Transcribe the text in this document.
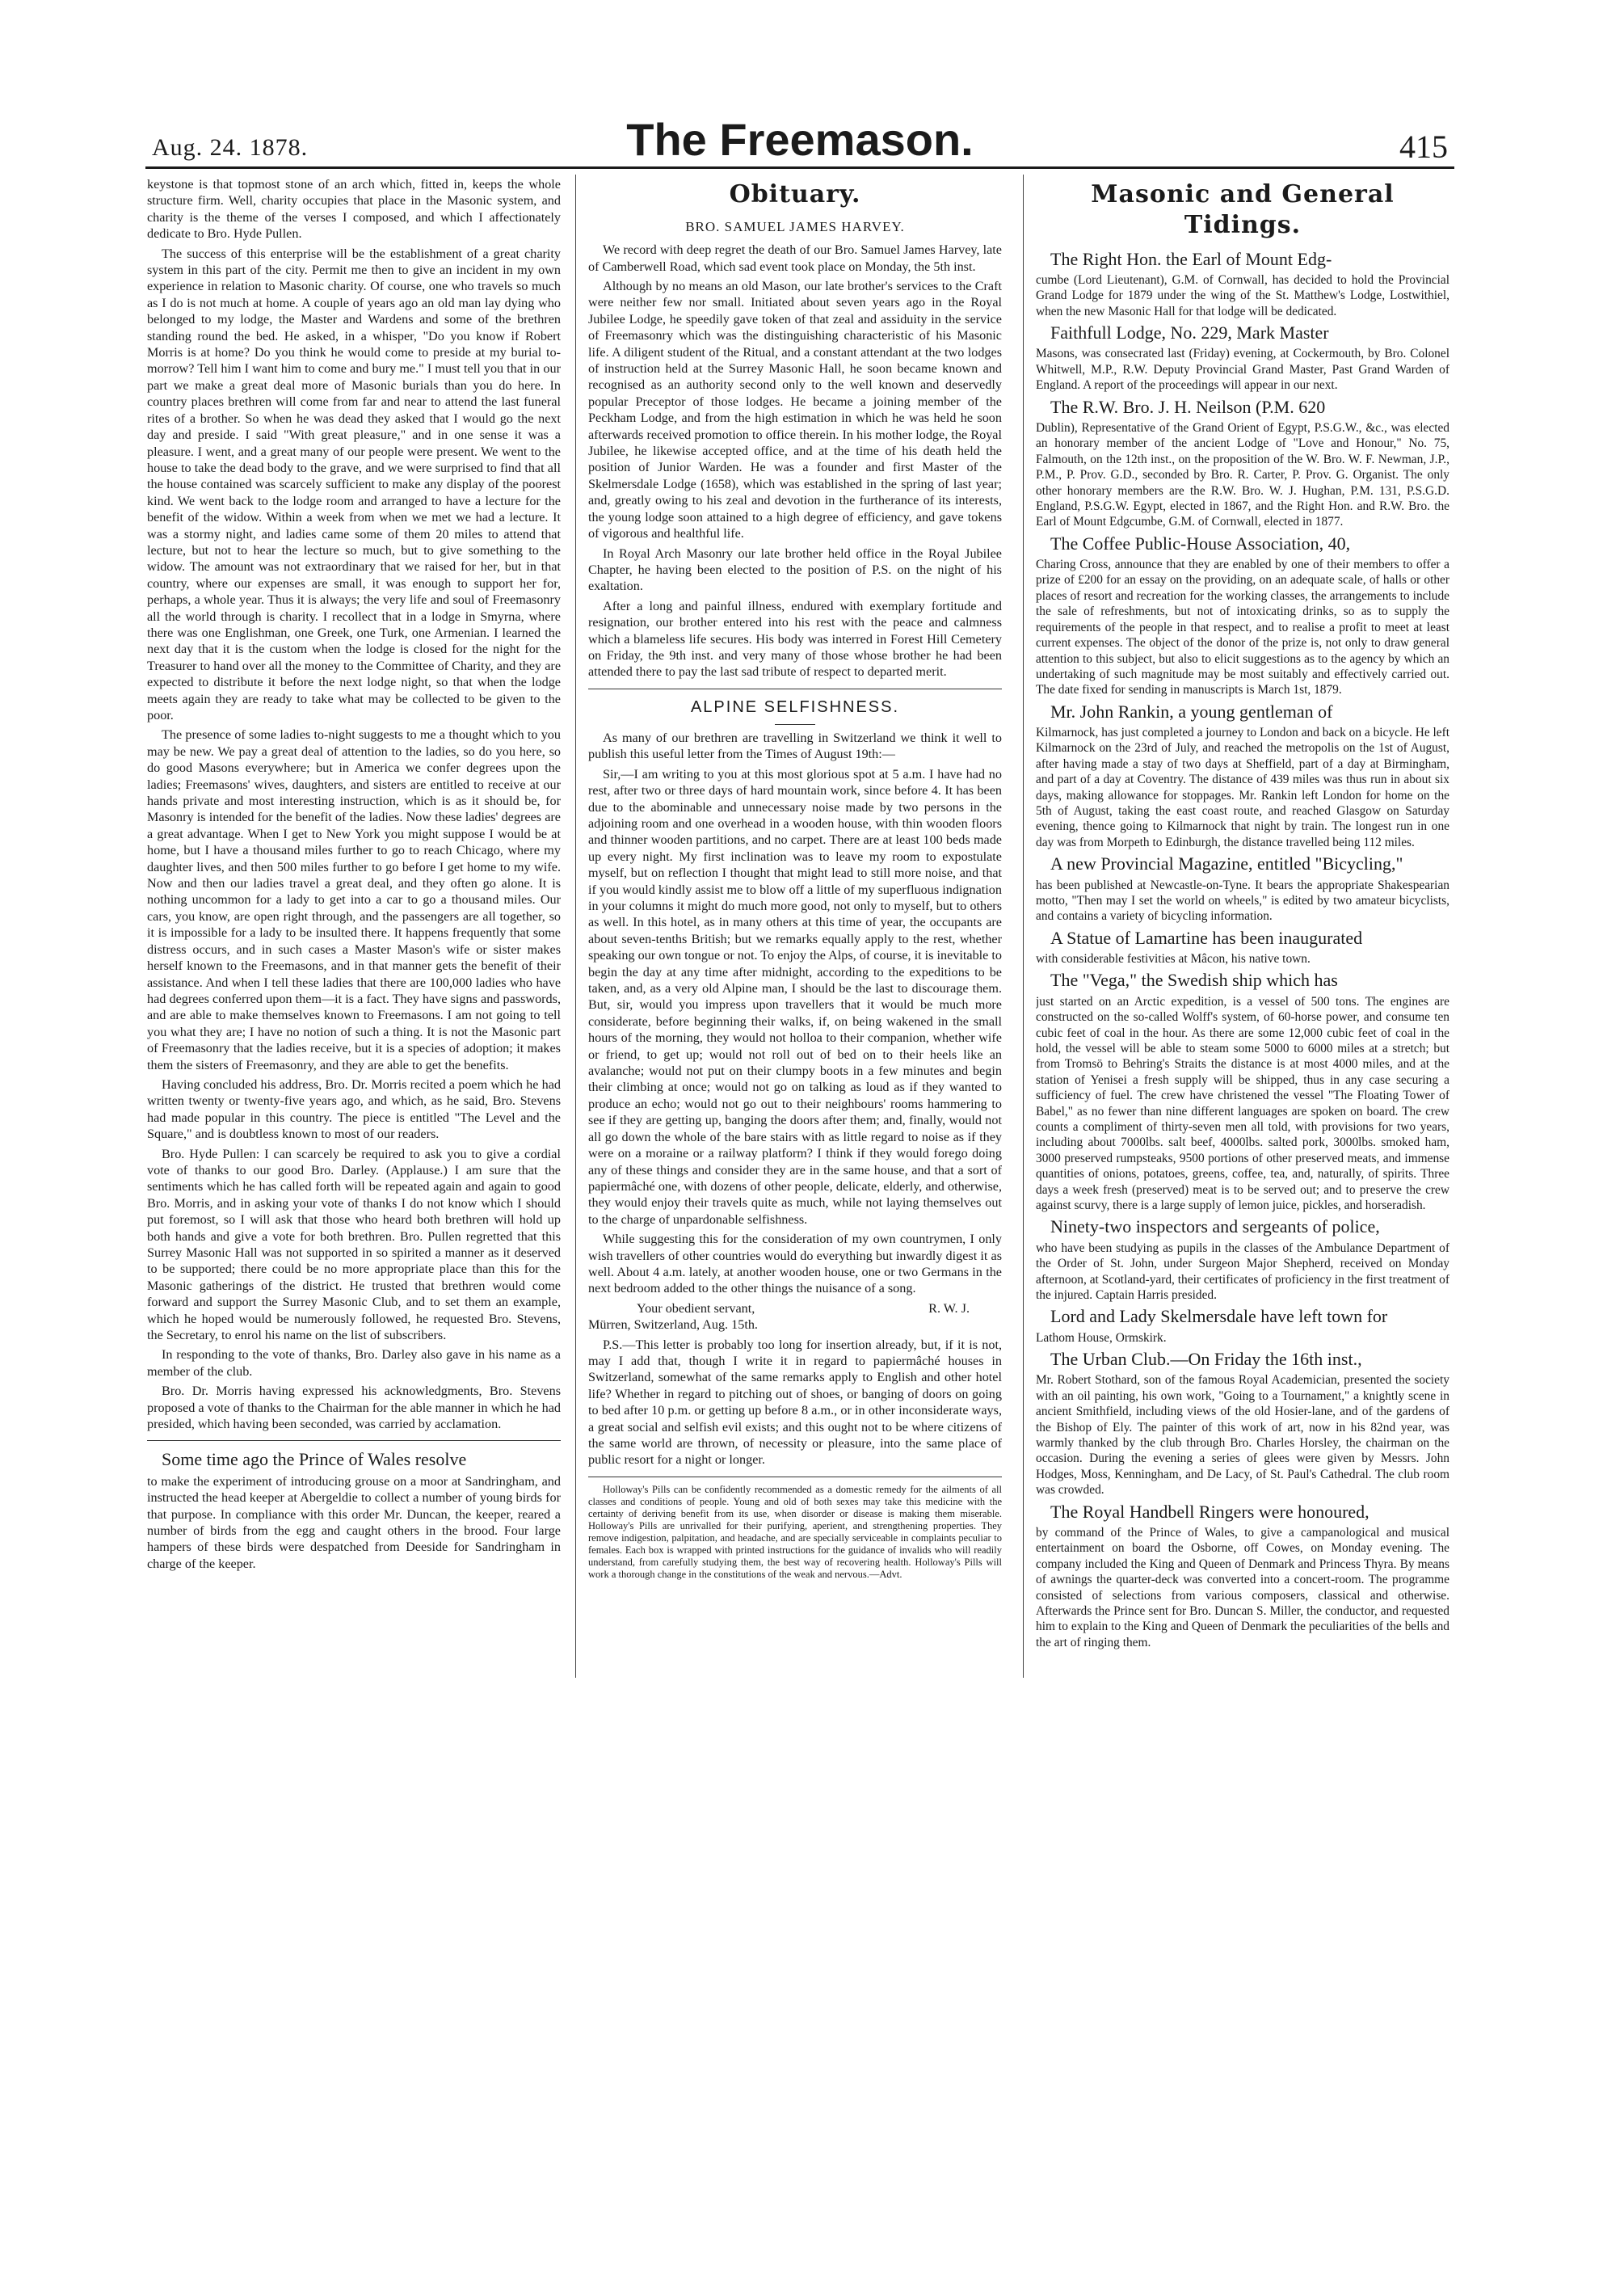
Aug. 24. 1878.	The Freemason.	415

keystone is that topmost stone of an arch which, fitted in, keeps the whole structure firm. Well, charity occupies that place in the Masonic system, and charity is the theme of the verses I composed, and which I affectionately dedicate to Bro. Hyde Pullen.

The success of this enterprise will be the establishment of a great charity system in this part of the city. Permit me then to give an incident in my own experience in relation to Masonic charity. Of course, one who travels so much as I do is not much at home. A couple of years ago an old man lay dying who belonged to my lodge, the Master and Wardens and some of the brethren standing round the bed. He asked, in a whisper, "Do you know if Robert Morris is at home? Do you think he would come to preside at my burial to-morrow? Tell him I want him to come and bury me." I must tell you that in our part we make a great deal more of Masonic burials than you do here. In country places brethren will come from far and near to attend the last funeral rites of a brother. So when he was dead they asked that I would go the next day and preside. I said "With great pleasure," and in one sense it was a pleasure. I went, and a great many of our people were present. We went to the house to take the dead body to the grave, and we were surprised to find that all the house contained was scarcely sufficient to make any display of the poorest kind. We went back to the lodge room and arranged to have a lecture for the benefit of the widow. Within a week from when we met we had a lecture. It was a stormy night, and ladies came some of them 20 miles to attend that lecture, but not to hear the lecture so much, but to give something to the widow. The amount was not extraordinary that we raised for her, but in that country, where our expenses are small, it was enough to support her for, perhaps, a whole year. Thus it is always; the very life and soul of Freemasonry all the world through is charity. I recollect that in a lodge in Smyrna, where there was one Englishman, one Greek, one Turk, one Armenian. I learned the next day that it is the custom when the lodge is closed for the night for the Treasurer to hand over all the money to the Committee of Charity, and they are expected to distribute it before the next lodge night, so that when the lodge meets again they are ready to take what may be collected to be given to the poor.

The presence of some ladies to-night suggests to me a thought which to you may be new. We pay a great deal of attention to the ladies, so do you here, so do good Masons everywhere; but in America we confer degrees upon the ladies; Freemasons' wives, daughters, and sisters are entitled to receive at our hands private and most interesting instruction, which is as it should be, for Masonry is intended for the benefit of the ladies. Now these ladies' degrees are a great advantage. When I get to New York you might suppose I would be at home, but I have a thousand miles further to go to reach Chicago, where my daughter lives, and then 500 miles further to go before I get home to my wife. Now and then our ladies travel a great deal, and they often go alone. It is nothing uncommon for a lady to get into a car to go a thousand miles. Our cars, you know, are open right through, and the passengers are all together, so it is impossible for a lady to be insulted there. It happens frequently that some distress occurs, and in such cases a Master Mason's wife or sister makes herself known to the Freemasons, and in that manner gets the benefit of their assistance. And when I tell these ladies that there are 100,000 ladies who have had degrees conferred upon them—it is a fact. They have signs and passwords, and are able to make themselves known to Freemasons. I am not going to tell you what they are; I have no notion of such a thing. It is not the Masonic part of Freemasonry that the ladies receive, but it is a species of adoption; it makes them the sisters of Freemasonry, and they are able to get the benefits.

Having concluded his address, Bro. Dr. Morris recited a poem which he had written twenty or twenty-five years ago, and which, as he said, Bro. Stevens had made popular in this country. The piece is entitled "The Level and the Square," and is doubtless known to most of our readers.

Bro. Hyde Pullen: I can scarcely be required to ask you to give a cordial vote of thanks to our good Bro. Darley. (Applause.) I am sure that the sentiments which he has called forth will be repeated again and again to good Bro. Morris, and in asking your vote of thanks I do not know which I should put foremost, so I will ask that those who heard both brethren will hold up both hands and give a vote for both brethren. Bro. Pullen regretted that this Surrey Masonic Hall was not supported in so spirited a manner as it deserved to be supported; there could be no more appropriate place than this for the Masonic gatherings of the district. He trusted that brethren would come forward and support the Surrey Masonic Club, and to set them an example, which he hoped would be numerously followed, he requested Bro. Stevens, the Secretary, to enrol his name on the list of subscribers.

In responding to the vote of thanks, Bro. Darley also gave in his name as a member of the club.

Bro. Dr. Morris having expressed his acknowledgments, Bro. Stevens proposed a vote of thanks to the Chairman for the able manner in which he had presided, which having been seconded, was carried by acclamation.

Some time ago the Prince of Wales resolve

to make the experiment of introducing grouse on a moor at Sandringham, and instructed the head keeper at Abergeldie to collect a number of young birds for that purpose. In compliance with this order Mr. Duncan, the keeper, reared a number of birds from the egg and caught others in the brood. Four large hampers of these birds were despatched from Deeside for Sandringham in charge of the keeper.

Obituary.
BRO. SAMUEL JAMES HARVEY.

We record with deep regret the death of our Bro. Samuel James Harvey, late of Camberwell Road, which sad event took place on Monday, the 5th inst.

Although by no means an old Mason, our late brother's services to the Craft were neither few nor small. Initiated about seven years ago in the Royal Jubilee Lodge, he speedily gave token of that zeal and assiduity in the service of Freemasonry which was the distinguishing characteristic of his Masonic life. A diligent student of the Ritual, and a constant attendant at the two lodges of instruction held at the Surrey Masonic Hall, he soon became known and recognised as an authority second only to the well known and deservedly popular Preceptor of those lodges. He became a joining member of the Peckham Lodge, and from the high estimation in which he was held he soon afterwards received promotion to office therein. In his mother lodge, the Royal Jubilee, he likewise accepted office, and at the time of his death held the position of Junior Warden. He was a founder and first Master of the Skelmersdale Lodge (1658), which was established in the spring of last year; and, greatly owing to his zeal and devotion in the furtherance of its interests, the young lodge soon attained to a high degree of efficiency, and gave tokens of vigorous and healthful life.

In Royal Arch Masonry our late brother held office in the Royal Jubilee Chapter, he having been elected to the position of P.S. on the night of his exaltation.

After a long and painful illness, endured with exemplary fortitude and resignation, our brother entered into his rest with the peace and calmness which a blameless life secures. His body was interred in Forest Hill Cemetery on Friday, the 9th inst. and very many of those whose brother he had been attended there to pay the last sad tribute of respect to departed merit.

ALPINE SELFISHNESS.

As many of our brethren are travelling in Switzerland we think it well to publish this useful letter from the Times of August 19th:—

Sir,—I am writing to you at this most glorious spot at 5 a.m. I have had no rest, after two or three days of hard mountain work, since before 4. It has been due to the abominable and unnecessary noise made by two persons in the adjoining room and one overhead in a wooden house, with thin wooden floors and thinner wooden partitions, and no carpet. There are at least 100 beds made up every night. My first inclination was to leave my room to expostulate myself, but on reflection I thought that might lead to still more noise, and that if you would kindly assist me to blow off a little of my superfluous indignation in your columns it might do much more good, not only to myself, but to others as well. In this hotel, as in many others at this time of year, the occupants are about seven-tenths British; but we remarks equally apply to the rest, whether speaking our own tongue or not. To enjoy the Alps, of course, it is inevitable to begin the day at any time after midnight, according to the expeditions to be taken, and, as a very old Alpine man, I should be the last to discourage them. But, sir, would you impress upon travellers that it would be much more considerate, before beginning their walks, if, on being wakened in the small hours of the morning, they would not holloa to their companion, whether wife or friend, to get up; would not roll out of bed on to their heels like an avalanche; would not put on their clumpy boots in a few minutes and begin their climbing at once; would not go on talking as loud as if they wanted to produce an echo; would not go out to their neighbours' rooms hammering to see if they are getting up, banging the doors after them; and, finally, would not all go down the whole of the bare stairs with as little regard to noise as if they were on a moraine or a railway platform? I think if they would forego doing any of these things and consider they are in the same house, and that a sort of papiermâché one, with dozens of other people, delicate, elderly, and otherwise, they would enjoy their travels quite as much, while not laying themselves out to the charge of unpardonable selfishness.

While suggesting this for the consideration of my own countrymen, I only wish travellers of other countries would do everything but inwardly digest it as well. About 4 a.m. lately, at another wooden house, one or two Germans in the next bedroom added to the other things the nuisance of a song.

Your obedient servant,	R. W. J.

Mürren, Switzerland, Aug. 15th.

P.S.—This letter is probably too long for insertion already, but, if it is not, may I add that, though I write it in regard to papiermâché houses in Switzerland, somewhat of the same remarks apply to English and other hotel life? Whether in regard to pitching out of shoes, or banging of doors on going to bed after 10 p.m. or getting up before 8 a.m., or in other inconsiderate ways, a great social and selfish evil exists; and this ought not to be where citizens of the same world are thrown, of necessity or pleasure, into the same place of public resort for a night or longer.

Holloway's Pills can be confidently recommended as a domestic remedy for the ailments of all classes and conditions of people. Young and old of both sexes may take this medicine with the certainty of deriving benefit from its use, when disorder or disease is making them miserable. Holloway's Pills are unrivalled for their purifying, aperient, and strengthening properties. They remove indigestion, palpitation, and headache, and are specially serviceable in complaints peculiar to females. Each box is wrapped with printed instructions for the guidance of invalids who will readily understand, from carefully studying them, the best way of recovering health. Holloway's Pills will work a thorough change in the constitutions of the weak and nervous.—Advt.

Masonic and General Tidings.

The Right Hon. the Earl of Mount Edg-

cumbe (Lord Lieutenant), G.M. of Cornwall, has decided to hold the Provincial Grand Lodge for 1879 under the wing of the St. Matthew's Lodge, Lostwithiel, when the new Masonic Hall for that lodge will be dedicated.

Faithfull Lodge, No. 229, Mark Master

Masons, was consecrated last (Friday) evening, at Cockermouth, by Bro. Colonel Whitwell, M.P., R.W. Deputy Provincial Grand Master, Past Grand Warden of England. A report of the proceedings will appear in our next.

The R.W. Bro. J. H. Neilson (P.M. 620

Dublin), Representative of the Grand Orient of Egypt, P.S.G.W., &c., was elected an honorary member of the ancient Lodge of "Love and Honour," No. 75, Falmouth, on the 12th inst., on the proposition of the W. Bro. W. F. Newman, J.P., P.M., P. Prov. G.D., seconded by Bro. R. Carter, P. Prov. G. Organist. The only other honorary members are the R.W. Bro. W. J. Hughan, P.M. 131, P.S.G.D. England, P.S.G.W. Egypt, elected in 1867, and the Right Hon. and R.W. Bro. the Earl of Mount Edgcumbe, G.M. of Cornwall, elected in 1877.

The Coffee Public-House Association, 40,

Charing Cross, announce that they are enabled by one of their members to offer a prize of £200 for an essay on the providing, on an adequate scale, of halls or other places of resort and recreation for the working classes, the arrangements to include the sale of refreshments, but not of intoxicating drinks, so as to supply the requirements of the people in that respect, and to realise a profit to meet at least current expenses. The object of the donor of the prize is, not only to draw general attention to this subject, but also to elicit suggestions as to the agency by which an undertaking of such magnitude may be most suitably and effectively carried out. The date fixed for sending in manuscripts is March 1st, 1879.

Mr. John Rankin, a young gentleman of

Kilmarnock, has just completed a journey to London and back on a bicycle. He left Kilmarnock on the 23rd of July, and reached the metropolis on the 1st of August, after having made a stay of two days at Sheffield, part of a day at Birmingham, and part of a day at Coventry. The distance of 439 miles was thus run in about six days, making allowance for stoppages. Mr. Rankin left London for home on the 5th of August, taking the east coast route, and reached Glasgow on Saturday evening, thence going to Kilmarnock that night by train. The longest run in one day was from Morpeth to Edinburgh, the distance travelled being 112 miles.

A new Provincial Magazine, entitled "Bicycling,"

has been published at Newcastle-on-Tyne. It bears the appropriate Shakespearian motto, "Then may I set the world on wheels," is edited by two amateur bicyclists, and contains a variety of bicycling information.

A Statue of Lamartine has been inaugurated

with considerable festivities at Mâcon, his native town.

The "Vega," the Swedish ship which has

just started on an Arctic expedition, is a vessel of 500 tons. The engines are constructed on the so-called Wolff's system, of 60-horse power, and consume ten cubic feet of coal in the hour. As there are some 12,000 cubic feet of coal in the hold, the vessel will be able to steam some 5000 to 6000 miles at a stretch; but from Tromsö to Behring's Straits the distance is at most 4000 miles, and at the station of Yenisei a fresh supply will be shipped, thus in any case securing a sufficiency of fuel. The crew have christened the vessel "The Floating Tower of Babel," as no fewer than nine different languages are spoken on board. The crew counts a compliment of thirty-seven men all told, with provisions for two years, including about 7000lbs. salt beef, 4000lbs. salted pork, 3000lbs. smoked ham, 3000 preserved rumpsteaks, 9500 portions of other preserved meats, and immense quantities of onions, potatoes, greens, coffee, tea, and, naturally, of spirits. Three days a week fresh (preserved) meat is to be served out; and to preserve the crew against scurvy, there is a large supply of lemon juice, pickles, and horseradish.

Ninety-two inspectors and sergeants of police,

who have been studying as pupils in the classes of the Ambulance Department of the Order of St. John, under Surgeon Major Shepherd, received on Monday afternoon, at Scotland-yard, their certificates of proficiency in the first treatment of the injured. Captain Harris presided.

Lord and Lady Skelmersdale have left town for

Lathom House, Ormskirk.

The Urban Club.—On Friday the 16th inst.,

Mr. Robert Stothard, son of the famous Royal Academician, presented the society with an oil painting, his own work, "Going to a Tournament," a knightly scene in ancient Smithfield, including views of the old Hosier-lane, and of the gardens of the Bishop of Ely. The painter of this work of art, now in his 82nd year, was warmly thanked by the club through Bro. Charles Horsley, the chairman on the occasion. During the evening a series of glees were given by Messrs. John Hodges, Moss, Kenningham, and De Lacy, of St. Paul's Cathedral. The club room was crowded.

The Royal Handbell Ringers were honoured,

by command of the Prince of Wales, to give a campanological and musical entertainment on board the Osborne, off Cowes, on Monday evening. The company included the King and Queen of Denmark and Princess Thyra. By means of awnings the quarter-deck was converted into a concert-room. The programme consisted of selections from various composers, classical and otherwise. Afterwards the Prince sent for Bro. Duncan S. Miller, the conductor, and requested him to explain to the King and Queen of Denmark the peculiarities of the bells and the art of ringing them.
